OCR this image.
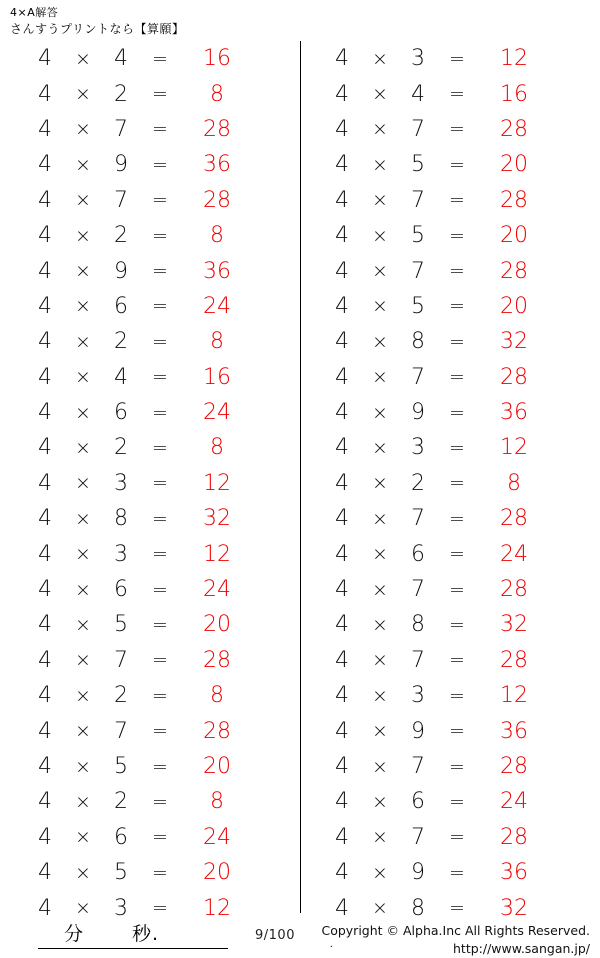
4×A解答
さんすうプリントなら【算願】
4	×	4	=	16
4	×	2	=	8
4	×	7	=	28
4	×	9	=	36
4	×	7	=	28
4	×	2	=	8
4	×	9	=	36
4	×	6	=	24
4	×	2	=	8
4	×	4	=	16
4	×	6	=	24
4	×	2	=	8
4	×	3	=	12
4	×	8	=	32
4	×	3	=	12
4	×	6	=	24
4	×	5	=	20
4	×	7	=	28
4	×	2	=	8
4	×	7	=	28
4	×	5	=	20
4	×	2	=	8
4	×	6	=	24
4	×	5	=	20
4	×	3	=	12
4	×	3	=	12
4	×	4	=	16
4	×	7	=	28
4	×	5	=	20
4	×	7	=	28
4	×	5	=	20
4	×	7	=	28
4	×	5	=	20
4	×	8	=	32
4	×	7	=	28
4	×	9	=	36
4	×	3	=	12
4	×	2	=	8
4	×	7	=	28
4	×	6	=	24
4	×	7	=	28
4	×	8	=	32
4	×	7	=	28
4	×	3	=	12
4	×	9	=	36
4	×	7	=	28
4	×	6	=	24
4	×	7	=	28
4	×	9	=	36
4	×	8	=	32
分	秒.	9/100
.
Copyright © Alpha.Inc All Rights Reserved.
http://www.sangan.jp/
